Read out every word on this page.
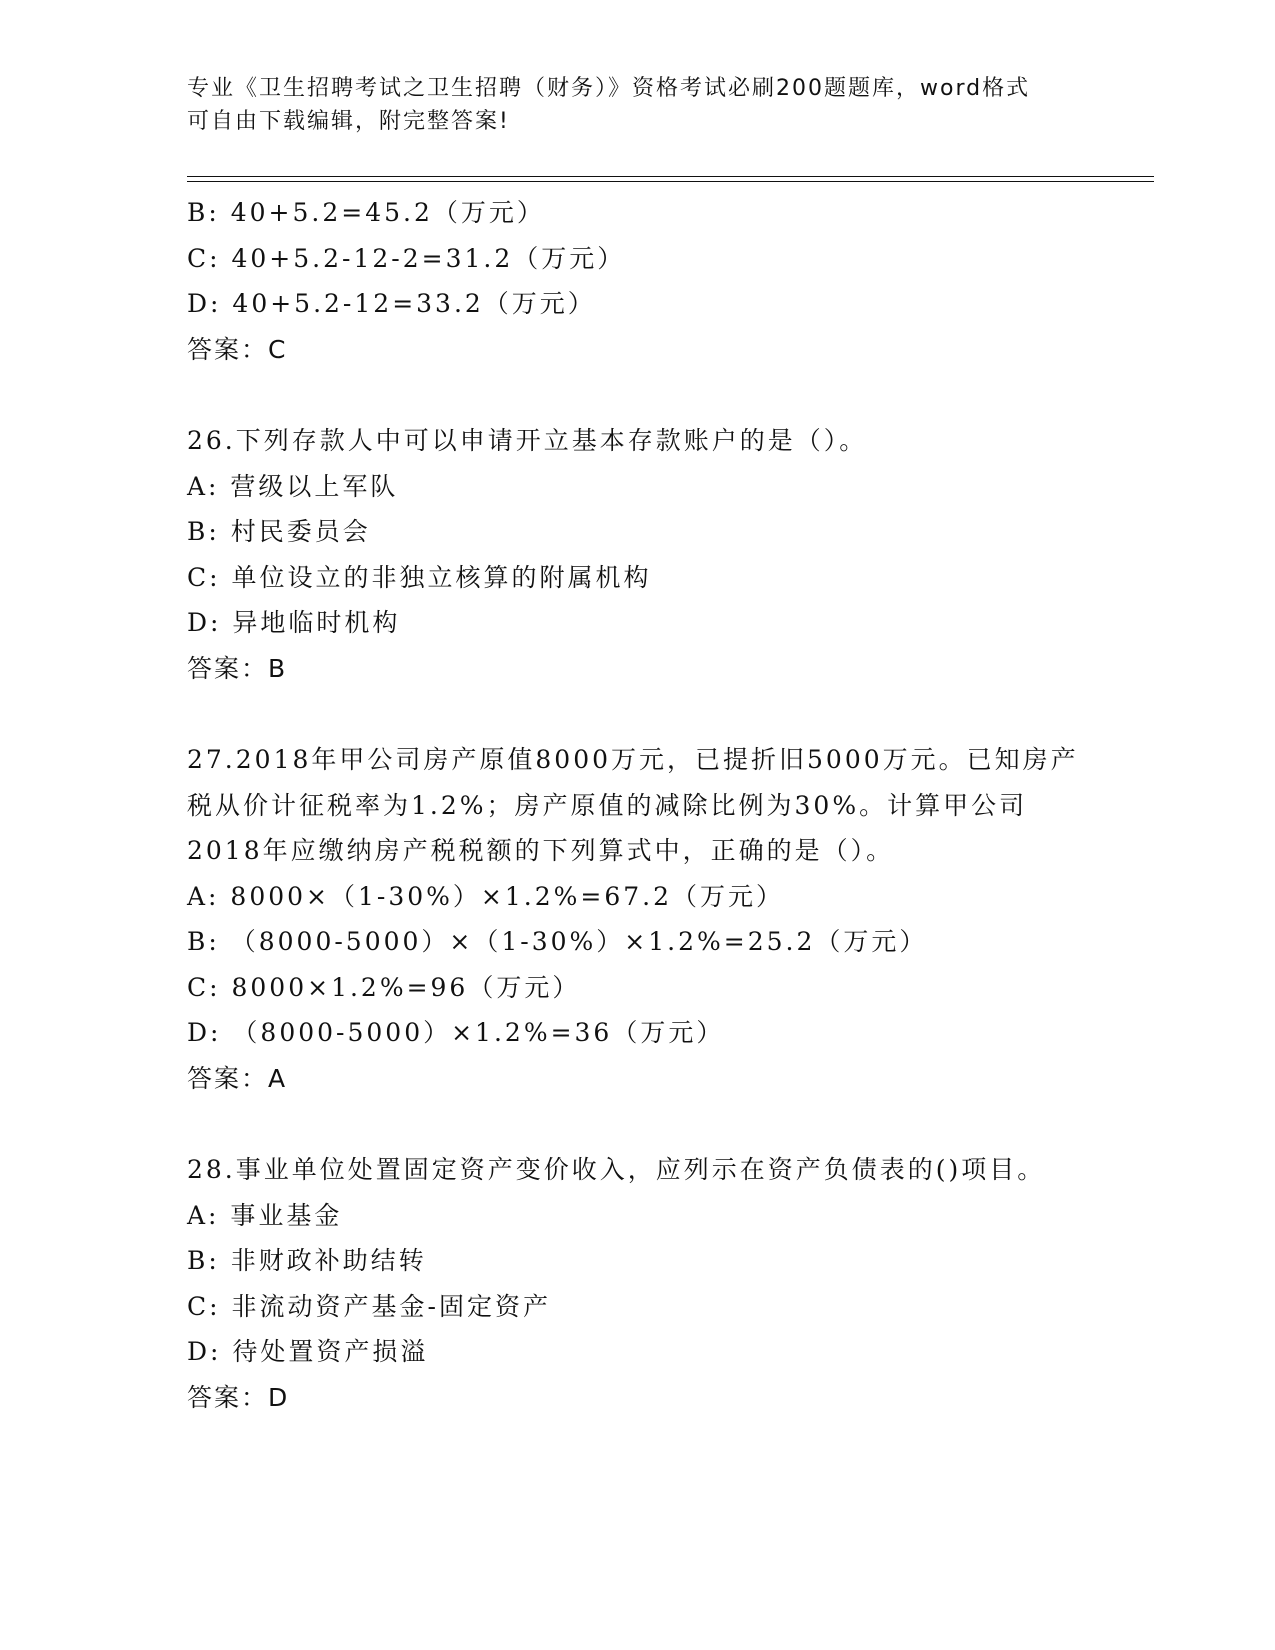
专业《卫生招聘考试之卫生招聘（财务）》资格考试必刷200题题库，word格式
可自由下载编辑，附完整答案!
B: 40+5.2=45.2（万元）
C: 40+5.2-12-2=31.2（万元）
D: 40+5.2-12=33.2（万元）
答案：C
26.下列存款人中可以申请开立基本存款账户的是（）。
A: 营级以上军队
B: 村民委员会
C: 单位设立的非独立核算的附属机构
D: 异地临时机构
答案：B
27.2018年甲公司房产原值8000万元，已提折旧5000万元。已知房产
税从价计征税率为1.2%；房产原值的减除比例为30%。计算甲公司
2018年应缴纳房产税税额的下列算式中，正确的是（）。
A: 8000×（1-30%）×1.2%=67.2（万元）
B: （8000-5000）×（1-30%）×1.2%=25.2（万元）
C: 8000×1.2%=96（万元）
D: （8000-5000）×1.2%=36（万元）
答案：A
28.事业单位处置固定资产变价收入，应列示在资产负债表的()项目。
A: 事业基金
B: 非财政补助结转
C: 非流动资产基金-固定资产
D: 待处置资产损溢
答案：D
